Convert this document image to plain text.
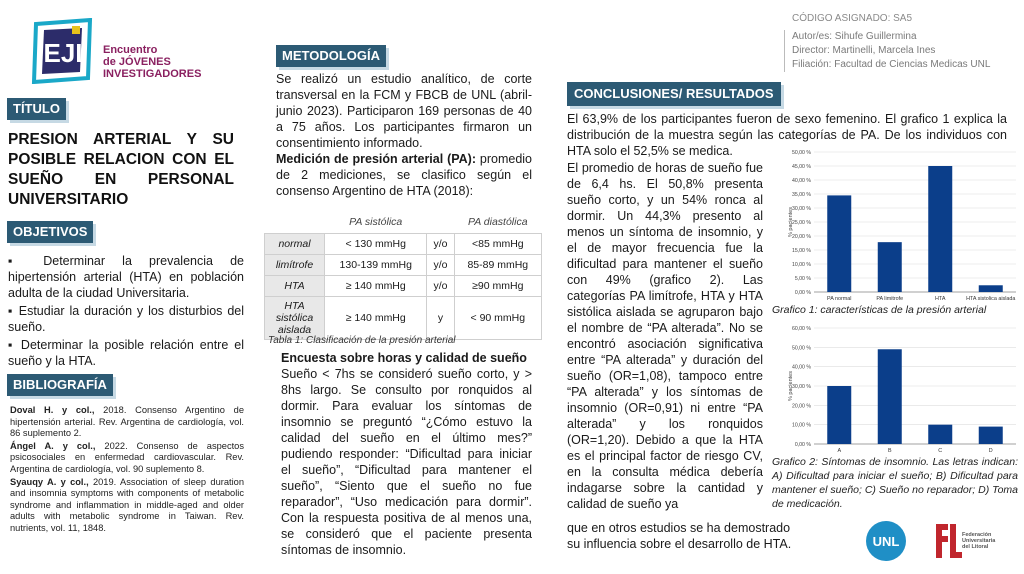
EJI Encuentro
de JÓVENES
INVESTIGADORES
CÓDIGO ASIGNADO: SA5
Autor/es: Sihufe Guillermina
Director: Martinelli, Marcela Ines
Filiación: Facultad de Ciencias Medicas UNL
TÍTULO
PRESION ARTERIAL Y SU
POSIBLE RELACION CON EL
SUEÑO EN PERSONAL
UNIVERSITARIO
OBJETIVOS

▪ Determinar la prevalencia de hipertensión arterial (HTA) en población adulta de la ciudad Universitaria.

▪ Estudiar la duración y los disturbios del sueño.

▪ Determinar la posible relación entre el sueño y la HTA.

BIBLIOGRAFÍA

Doval H. y col., 2018. Consenso Argentino de hipertensión arterial. Rev. Argentina de cardiología, vol. 86 suplemento 2.

Ángel A. y col., 2022. Consenso de aspectos psicosociales en enfermedad cardiovascular. Rev. Argentina de cardiología, vol. 90 suplemento 8.

Syauqy A. y col., 2019. Association of sleep duration and insomnia symptoms with components of metabolic syndrome and inflammation in middle-aged and older adults with metabolic syndrome in Taiwan. Rev. nutrients, vol. 11, 1848.

METODOLOGÍA

Se realizó un estudio analítico, de corte transversal en la FCM y FBCB de UNL (abril-junio 2023). Participaron 169 personas de 40 a 75 años. Los participantes firmaron un consentimiento informado.

Medición de presión arterial (PA): promedio de 2 mediciones, se clasifico según el consenso Argentino de HTA (2018):

	PA sistólica		PA diastólica
normal	< 130 mmHg	y/o	<85 mmHg
limítrofe	130-139 mmHg	y/o	85-89 mmHg
HTA	≥ 140 mmHg	y/o	≥90 mmHg
HTA sistólica aislada	≥ 140 mmHg	y	< 90 mmHg
Tabla 1: Clasificación de la presión arterial

Encuesta sobre horas y calidad de sueño

Sueño < 7hs se consideró sueño corto, y > 8hs largo. Se consulto por ronquidos al dormir. Para evaluar los síntomas de insomnio se preguntó “¿Cómo estuvo la calidad del sueño en el último mes?” pudiendo responder: “Dificultad para iniciar el sueño”, “Dificultad para mantener el sueño”, “Siento que el sueño no fue reparador”, “Uso medicación para dormir”. Con la respuesta positiva de al menos una, se consideró que el paciente presenta síntomas de insomnio.

CONCLUSIONES/ RESULTADOS
El 63,9% de los participantes fueron de sexo femenino. El grafico 1 explica la distribución de la muestra según las categorías de PA. De los individuos con HTA solo el 52,5% se medica.
El promedio de horas de sueño fue de 6,4 hs. El 50,8% presenta sueño corto, y un 54% ronca al dormir. Un 44,3% presento al menos un síntoma de insomnio, y el de mayor frecuencia fue la dificultad para mantener el sueño con 49% (grafico 2). Las categorías PA limítrofe, HTA y HTA sistólica aislada se agruparon bajo el nombre de “PA alterada”. No se encontró asociación significativa entre “PA alterada” y duración del sueño (OR=1,08), tampoco entre “PA alterada” y los síntomas de insomnio (OR=0,91) ni entre “PA alterada” y los ronquidos (OR=1,20). Debido a que la HTA es el principal factor de riesgo CV, en la consulta médica debería indagarse sobre la cantidad y calidad de sueño ya
que en otros estudios se ha demostrado
su influencia sobre el desarrollo de HTA.
% pacientes
0,00 %
5,00 %
10,00 %
15,00 %
20,00 %
25,00 %
30,00 %
35,00 %
40,00 %
45,00 %
50,00 %
PA normal	PA limitrofe	HTA	HTA sistolica aislada
Grafico 1: características de la presión arterial
% pacientes
0,00 %
10,00 %
20,00 %
30,00 %
40,00 %
50,00 %
60,00 %
A	B	C	D
Grafico 2: Síntomas de insomnio. Las letras indican: A) Dificultad para iniciar el sueño; B) Dificultad para mantener el sueño; C) Sueño no reparador; D) Toma de medicación.
UNL	Federación
Universitaria
del Litoral
